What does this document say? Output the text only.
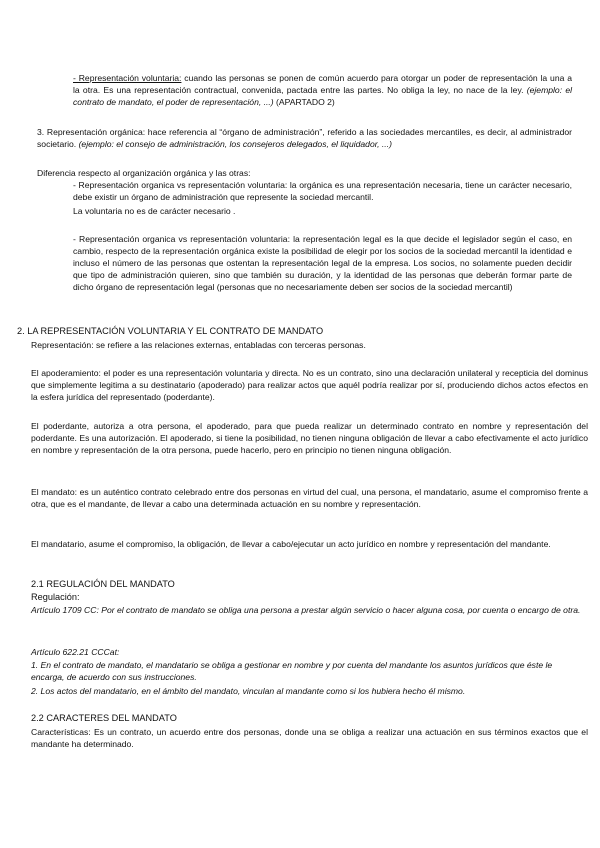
- Representación voluntaria: cuando las personas se ponen de común acuerdo para otorgar un poder de representación la una a la otra. Es una representación contractual, convenida, pactada entre las partes. No obliga la ley, no nace de la ley. (ejemplo: el contrato de mandato, el poder de representación, ...) (APARTADO 2)

3. Representación orgánica: hace referencia al “órgano de administración”, referido a las sociedades mercantiles, es decir, al administrador societario. (ejemplo: el consejo de administración, los consejeros delegados, el liquidador, ...)

Diferencia respecto al organización orgánica y las otras:

- Representación organica vs representación voluntaria: la orgánica es una representación necesaria, tiene un carácter necesario, debe existir un órgano de administración que represente la sociedad mercantil.

La voluntaria no es de carácter necesario .

- Representación organica vs representación voluntaria: la representación legal es la que decide el legislador según el caso, en cambio, respecto de la representación orgánica existe la posibilidad de elegir por los socios de la sociedad mercantil la identidad e incluso el número de las personas que ostentan la representación legal de la empresa. Los socios, no solamente pueden decidir que tipo de administración quieren, sino que también su duración, y la identidad de las personas que deberán formar parte de dicho órgano de representación legal (personas que no necesariamente deben ser socios de la sociedad mercantil)

2. LA REPRESENTACIÓN VOLUNTARIA Y EL CONTRATO DE MANDATO

Representación: se refiere a las relaciones externas, entabladas con terceras personas.

El apoderamiento: el poder es una representación voluntaria y directa. No es un contrato, sino una declaración unilateral y recepticia del dominus que simplemente legitima a su destinatario (apoderado) para realizar actos que aquél podría realizar por sí, produciendo dichos actos efectos en la esfera jurídica del representado (poderdante).

El poderdante, autoriza a otra persona, el apoderado, para que pueda realizar un determinado contrato en nombre y representación del poderdante. Es una autorización. El apoderado, si tiene la posibilidad, no tienen ninguna obligación de llevar a cabo efectivamente el acto jurídico en nombre y representación de la otra persona, puede hacerlo, pero en principio no tienen ninguna obligación.

El mandato: es un auténtico contrato celebrado entre dos personas en virtud del cual, una persona, el mandatario, asume el compromiso frente a otra, que es el mandante, de llevar a cabo una determinada actuación en su nombre y representación.

El mandatario, asume el compromiso, la obligación, de llevar a cabo/ejecutar un acto jurídico en nombre y representación del mandante.

2.1 REGULACIÓN DEL MANDATO

Regulación:

Artículo 1709 CC: Por el contrato de mandato se obliga una persona a prestar algún servicio o hacer alguna cosa, por cuenta o encargo de otra.

Artículo 622.21 CCCat:

1. En el contrato de mandato, el mandatario se obliga a gestionar en nombre y por cuenta del mandante los asuntos jurídicos que éste le encarga, de acuerdo con sus instrucciones.

2. Los actos del mandatario, en el ámbito del mandato, vinculan al mandante como si los hubiera hecho él mismo.

2.2 CARACTERES DEL MANDATO

Características: Es un contrato, un acuerdo entre dos personas, donde una se obliga a realizar una actuación en sus términos exactos que el mandante ha determinado.
